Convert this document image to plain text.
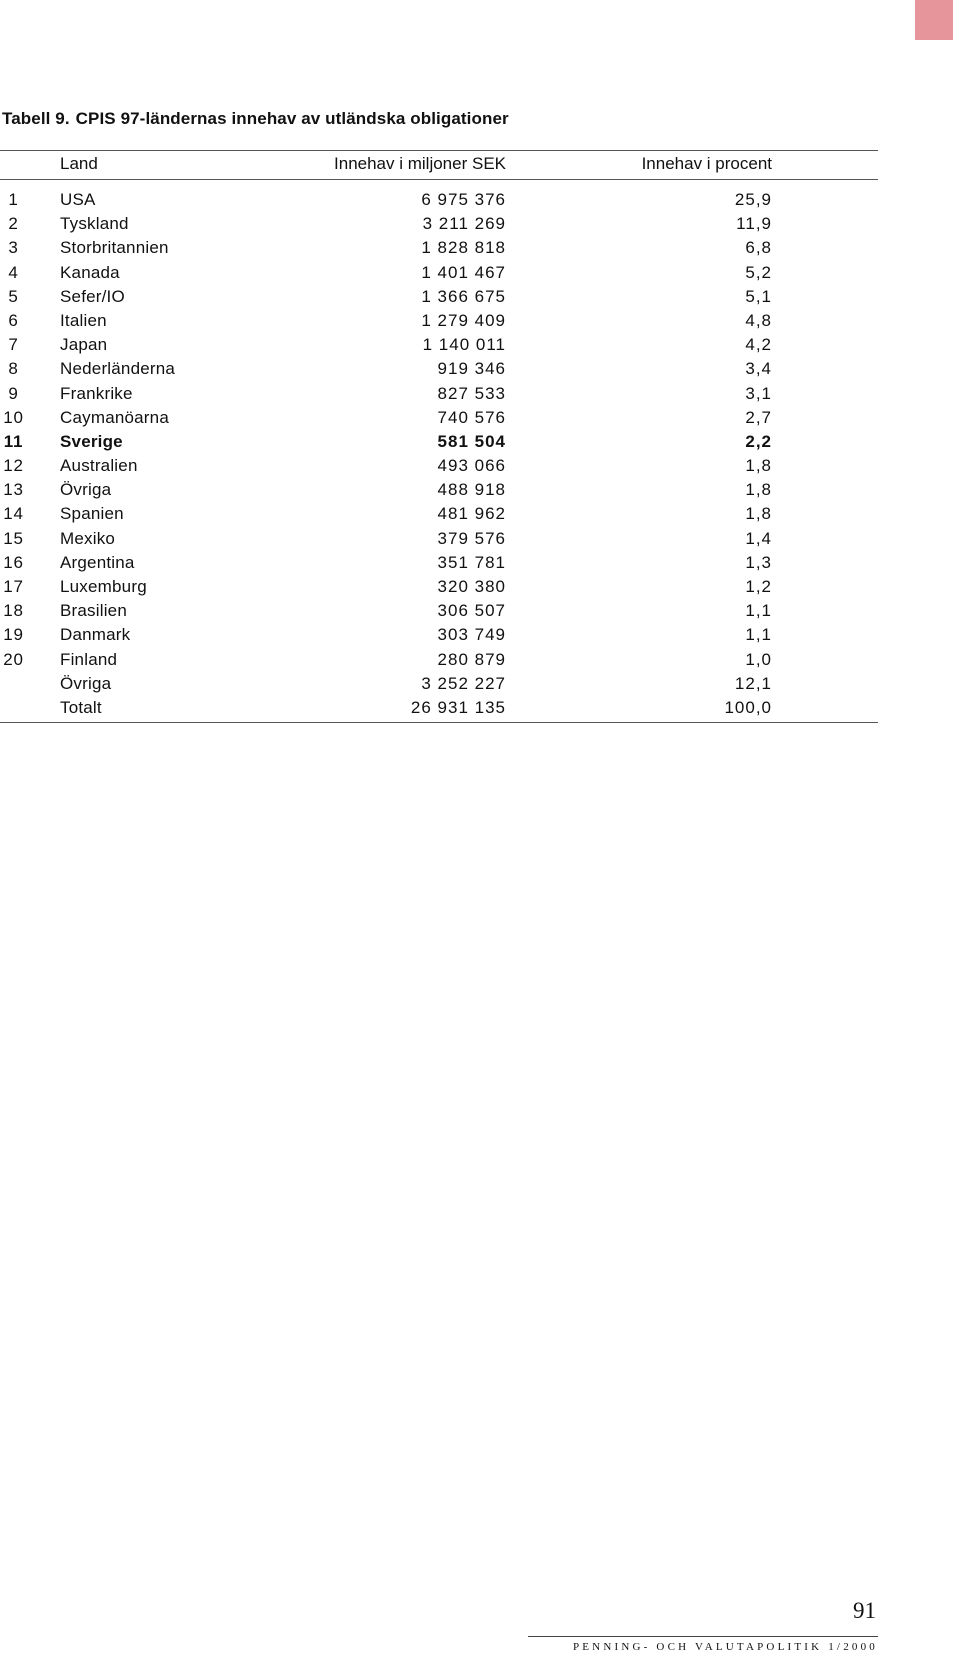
Tabell 9. CPIS 97-ländernas innehav av utländska obligationer
Land	Innehav i miljoner SEK	Innehav i procent
1	USA	6 975 376	25,9
2	Tyskland	3 211 269	11,9
3	Storbritannien	1 828 818	6,8
4	Kanada	1 401 467	5,2
5	Sefer/IO	1 366 675	5,1
6	Italien	1 279 409	4,8
7	Japan	1 140 011	4,2
8	Nederländerna	919 346	3,4
9	Frankrike	827 533	3,1
10 Caymanöarna	740 576	2,7
11 Sverige	581 504	2,2
12 Australien	493 066	1,8
13 Övriga	488 918	1,8
14 Spanien	481 962	1,8
15 Mexiko	379 576	1,4
16 Argentina	351 781	1,3
17 Luxemburg	320 380	1,2
18 Brasilien	306 507	1,1
19 Danmark	303 749	1,1
20 Finland	280 879	1,0
Övriga	3 252 227	12,1
Totalt	26 931 135	100,0
91
PENNING- OCH VALUTAPOLITIK 1/2000
